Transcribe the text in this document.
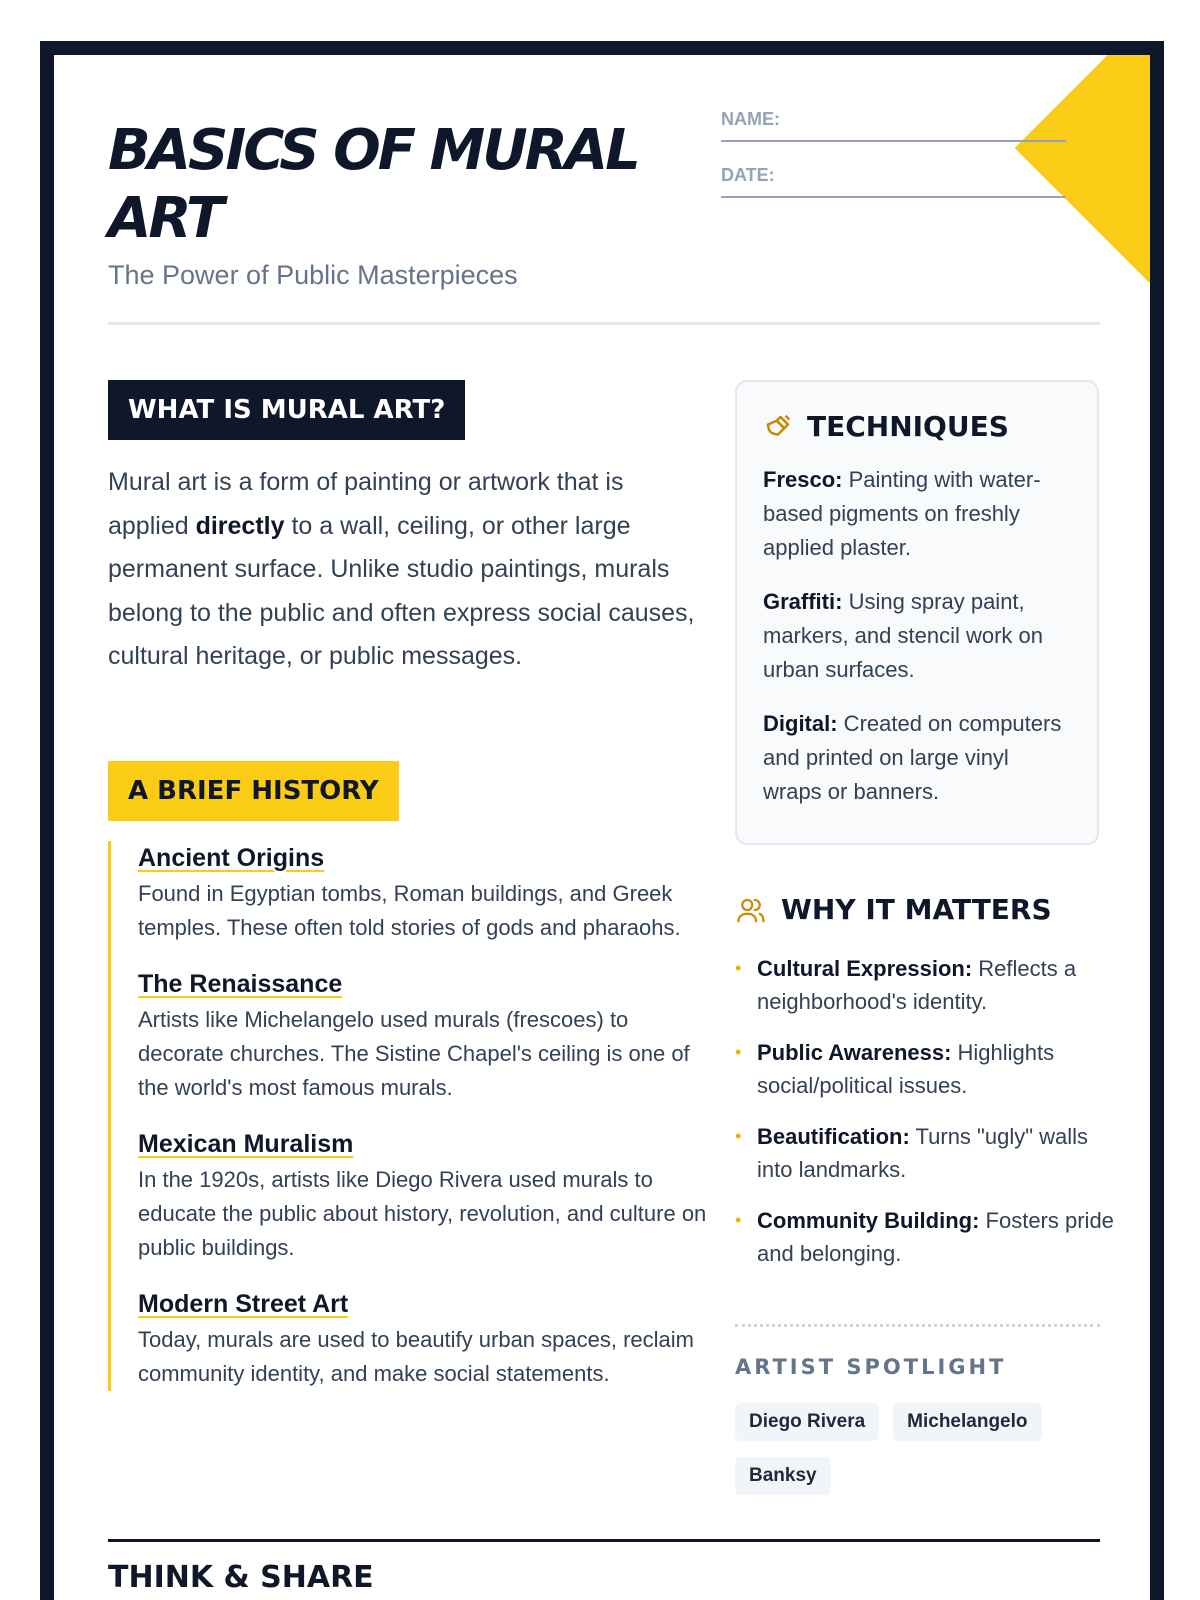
BASICS OF MURAL ART
The Power of Public Masterpieces
NAME:
DATE:
WHAT IS MURAL ART?

Mural art is a form of painting or artwork that is applied directly to a wall, ceiling, or other large permanent surface. Unlike studio paintings, murals belong to the public and often express social causes, cultural heritage, or public messages.

A BRIEF HISTORY
Ancient Origins

Found in Egyptian tombs, Roman buildings, and Greek temples. These often told stories of gods and pharaohs.

The Renaissance

Artists like Michelangelo used murals (frescoes) to decorate churches. The Sistine Chapel's ceiling is one of the world's most famous murals.

Mexican Muralism

In the 1920s, artists like Diego Rivera used murals to educate the public about history, revolution, and culture on public buildings.

Modern Street Art

Today, murals are used to beautify urban spaces, reclaim community identity, and make social statements.

TECHNIQUES

Fresco: Painting with water-based pigments on freshly applied plaster.

Graffiti: Using spray paint, markers, and stencil work on urban surfaces.

Digital: Created on computers and printed on large vinyl wraps or banners.

WHY IT MATTERS
• Cultural Expression: Reflects a neighborhood's identity.
• Public Awareness: Highlights social/political issues.
• Beautification: Turns "ugly" walls into landmarks.
• Community Building: Fosters pride and belonging.
ARTIST SPOTLIGHT
Diego Rivera	Michelangelo
Banksy
THINK & SHARE
